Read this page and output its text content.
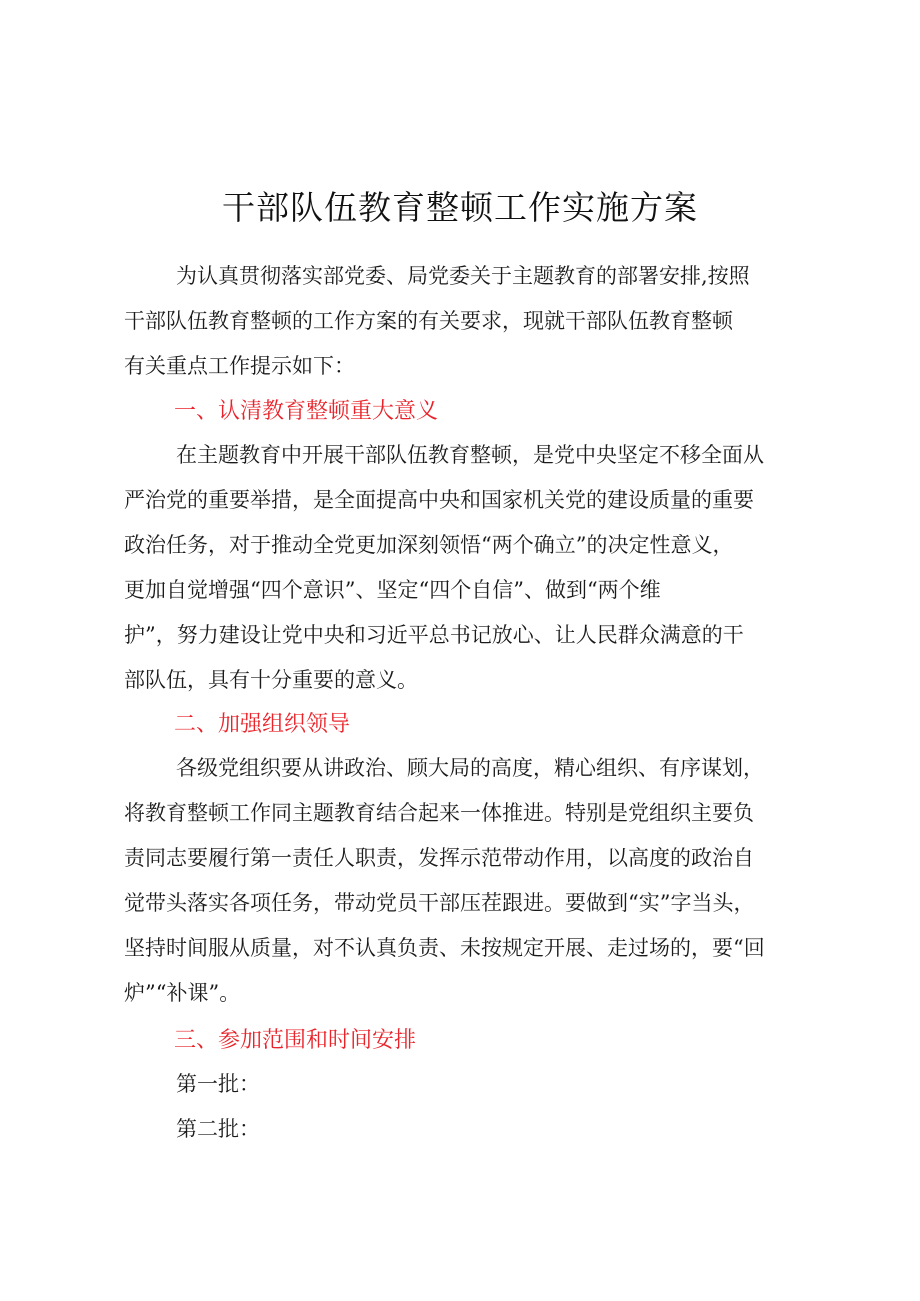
干部队伍教育整顿工作实施方案

为认真贯彻落实部党委、局党委关于主题教育的部署安排,按照

干部队伍教育整顿的工作方案的有关要求，现就干部队伍教育整顿

有关重点工作提示如下：

一、认清教育整顿重大意义

在主题教育中开展干部队伍教育整顿，是党中央坚定不移全面从

严治党的重要举措，是全面提高中央和国家机关党的建设质量的重要

政治任务，对于推动全党更加深刻领悟“两个确立”的决定性意义，

更加自觉增强“四个意识”、坚定“四个自信”、做到“两个维

护”，努力建设让党中央和习近平总书记放心、让人民群众满意的干

部队伍，具有十分重要的意义。

二、加强组织领导

各级党组织要从讲政治、顾大局的高度，精心组织、有序谋划，

将教育整顿工作同主题教育结合起来一体推进。特别是党组织主要负

责同志要履行第一责任人职责，发挥示范带动作用，以高度的政治自

觉带头落实各项任务，带动党员干部压茬跟进。要做到“实”字当头，

坚持时间服从质量，对不认真负责、未按规定开展、走过场的，要“回

炉”“补课”。

三、参加范围和时间安排

第一批：

第二批：
